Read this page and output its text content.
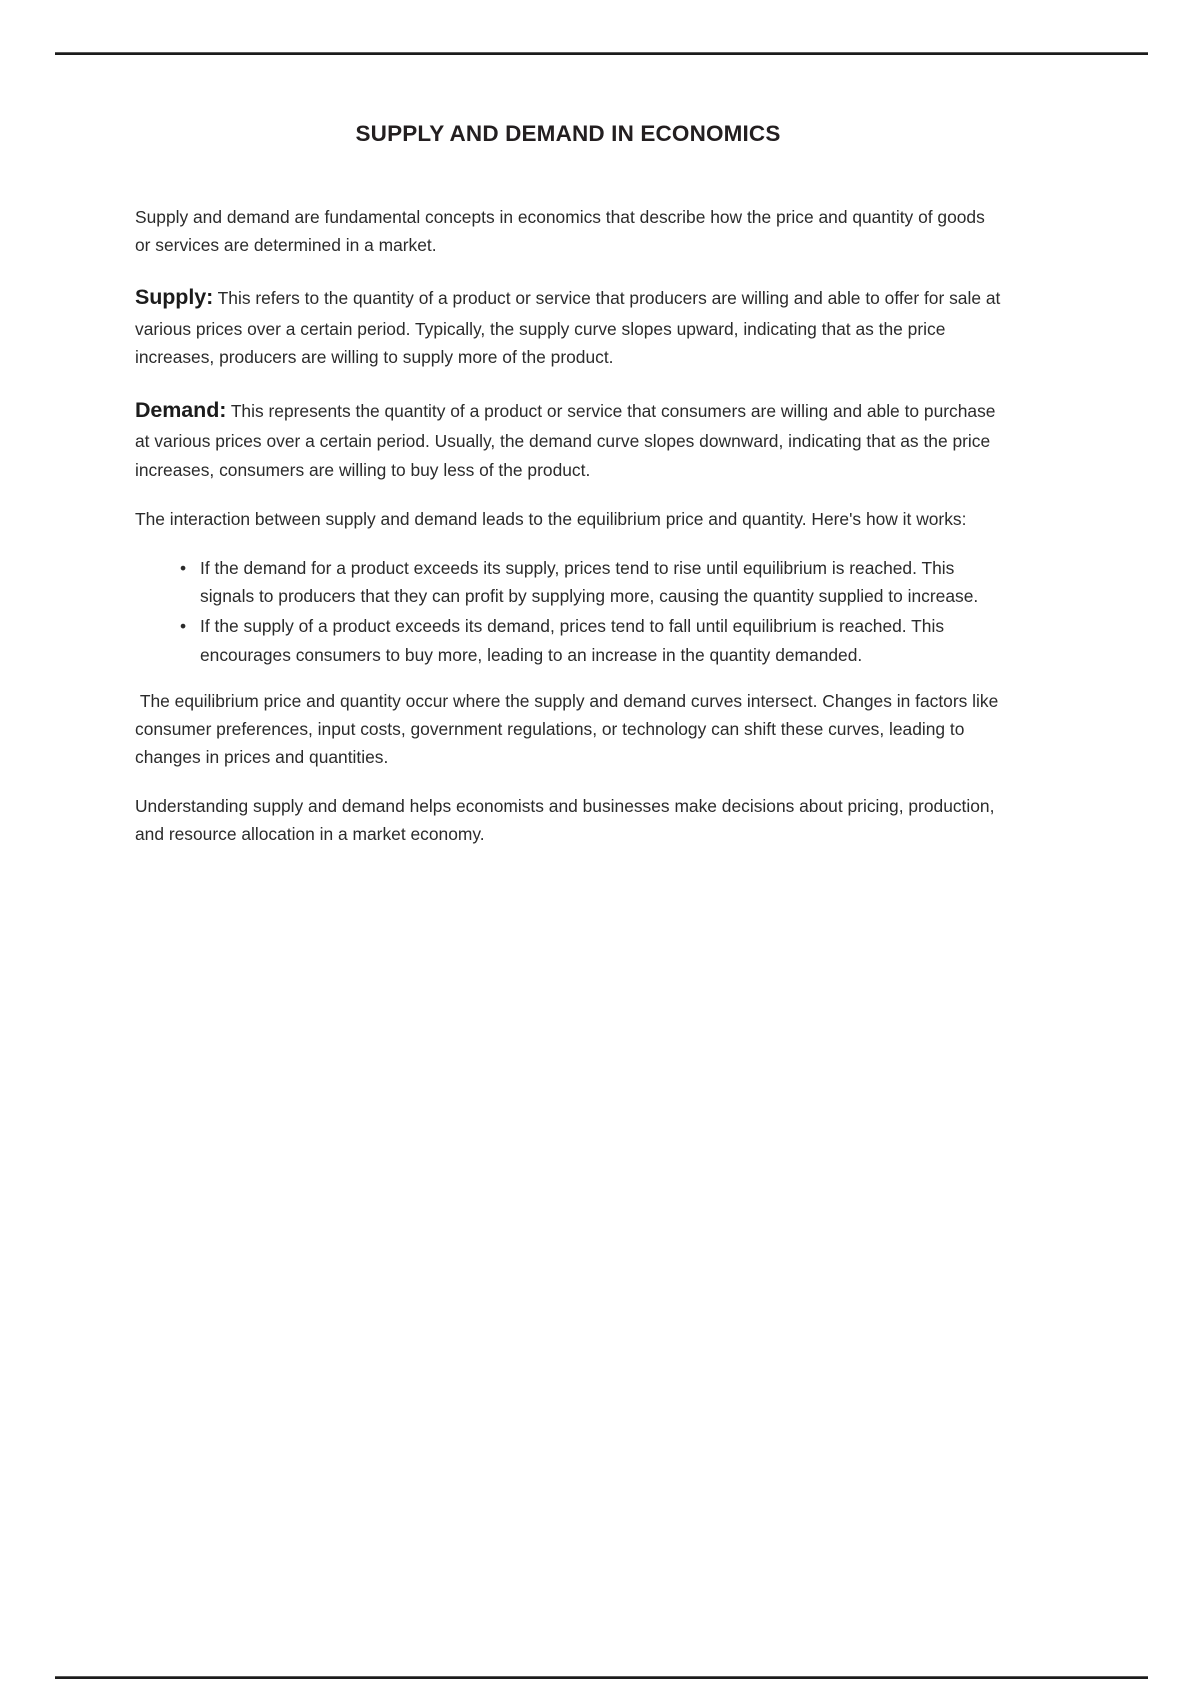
SUPPLY AND DEMAND IN ECONOMICS

Supply and demand are fundamental concepts in economics that describe how the price and quantity of goods or services are determined in a market.

Supply: This refers to the quantity of a product or service that producers are willing and able to offer for sale at various prices over a certain period. Typically, the supply curve slopes upward, indicating that as the price increases, producers are willing to supply more of the product.

Demand: This represents the quantity of a product or service that consumers are willing and able to purchase at various prices over a certain period. Usually, the demand curve slopes downward, indicating that as the price increases, consumers are willing to buy less of the product.

The interaction between supply and demand leads to the equilibrium price and quantity. Here's how it works:

• If the demand for a product exceeds its supply, prices tend to rise until equilibrium is reached. This signals to producers that they can profit by supplying more, causing the quantity supplied to increase.
• If the supply of a product exceeds its demand, prices tend to fall until equilibrium is reached. This encourages consumers to buy more, leading to an increase in the quantity demanded.

The equilibrium price and quantity occur where the supply and demand curves intersect. Changes in factors like consumer preferences, input costs, government regulations, or technology can shift these curves, leading to changes in prices and quantities.

Understanding supply and demand helps economists and businesses make decisions about pricing, production, and resource allocation in a market economy.
